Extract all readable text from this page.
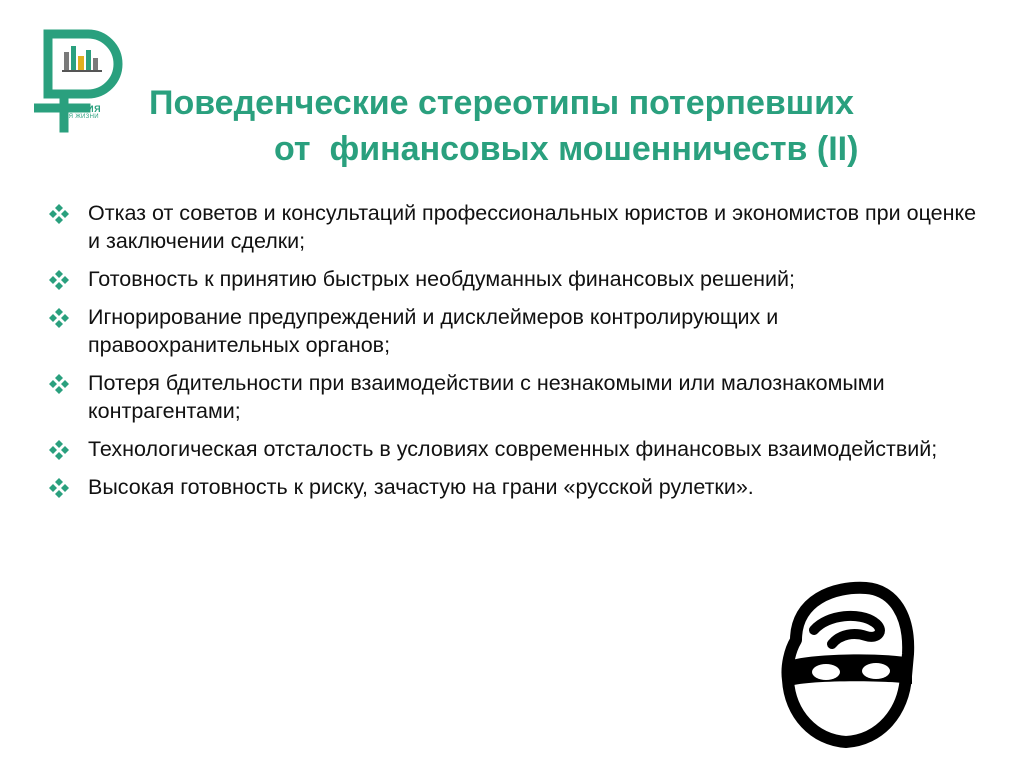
ЗНАНИЯ
ДЛЯ ЖИЗНИ	Поведенческие стереотипы потерпевших
от  финансовых мошенничеств (II)
Отказ от советов и консультаций профессиональных юристов и экономистов при оценке и заключении сделки;
Готовность к принятию быстрых необдуманных финансовых решений;
Игнорирование предупреждений и дисклеймеров контролирующих и правоохранительных органов;
Потеря бдительности при взаимодействии с незнакомыми или малознакомыми контрагентами;
Технологическая отсталость в условиях современных финансовых взаимодействий;
Высокая готовность к риску, зачастую на грани «русской рулетки».
